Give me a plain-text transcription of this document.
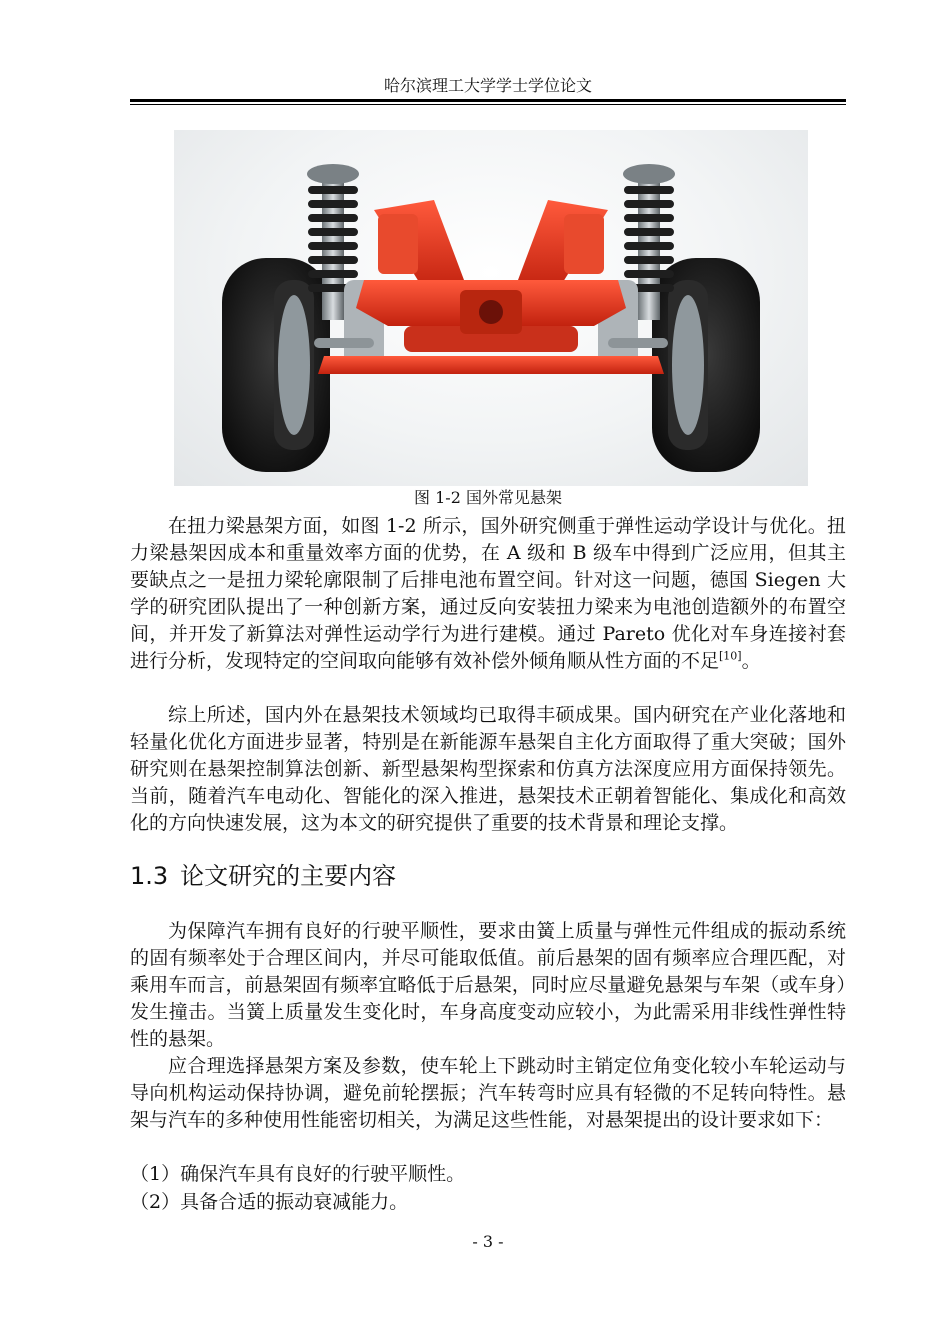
哈尔滨理工大学学士学位论文
图 1-2 国外常见悬架

在扭力梁悬架方面，如图 1-2 所示，国外研究侧重于弹性运动学设计与优化。扭力梁悬架因成本和重量效率方面的优势，在 A 级和 B 级车中得到广泛应用，但其主要缺点之一是扭力梁轮廓限制了后排电池布置空间。针对这一问题，德国 Siegen 大学的研究团队提出了一种创新方案，通过反向安装扭力梁来为电池创造额外的布置空间，并开发了新算法对弹性运动学行为进行建模。通过 Pareto 优化对车身连接衬套进行分析，发现特定的空间取向能够有效补偿外倾角顺从性方面的不足[10]。

综上所述，国内外在悬架技术领域均已取得丰硕成果。国内研究在产业化落地和轻量化优化方面进步显著，特别是在新能源车悬架自主化方面取得了重大突破；国外研究则在悬架控制算法创新、新型悬架构型探索和仿真方法深度应用方面保持领先。当前，随着汽车电动化、智能化的深入推进，悬架技术正朝着智能化、集成化和高效化的方向快速发展，这为本文的研究提供了重要的技术背景和理论支撑。

1.3 论文研究的主要内容

为保障汽车拥有良好的行驶平顺性，要求由簧上质量与弹性元件组成的振动系统的固有频率处于合理区间内，并尽可能取低值。前后悬架的固有频率应合理匹配，对乘用车而言，前悬架固有频率宜略低于后悬架，同时应尽量避免悬架与车架（或车身）发生撞击。当簧上质量发生变化时，车身高度变动应较小，为此需采用非线性弹性特性的悬架。

应合理选择悬架方案及参数，使车轮上下跳动时主销定位角变化较小车轮运动与导向机构运动保持协调，避免前轮摆振；汽车转弯时应具有轻微的不足转向特性。悬架与汽车的多种使用性能密切相关，为满足这些性能，对悬架提出的设计要求如下：

（1）确保汽车具有良好的行驶平顺性。
（2）具备合适的振动衰减能力。
- 3 -
